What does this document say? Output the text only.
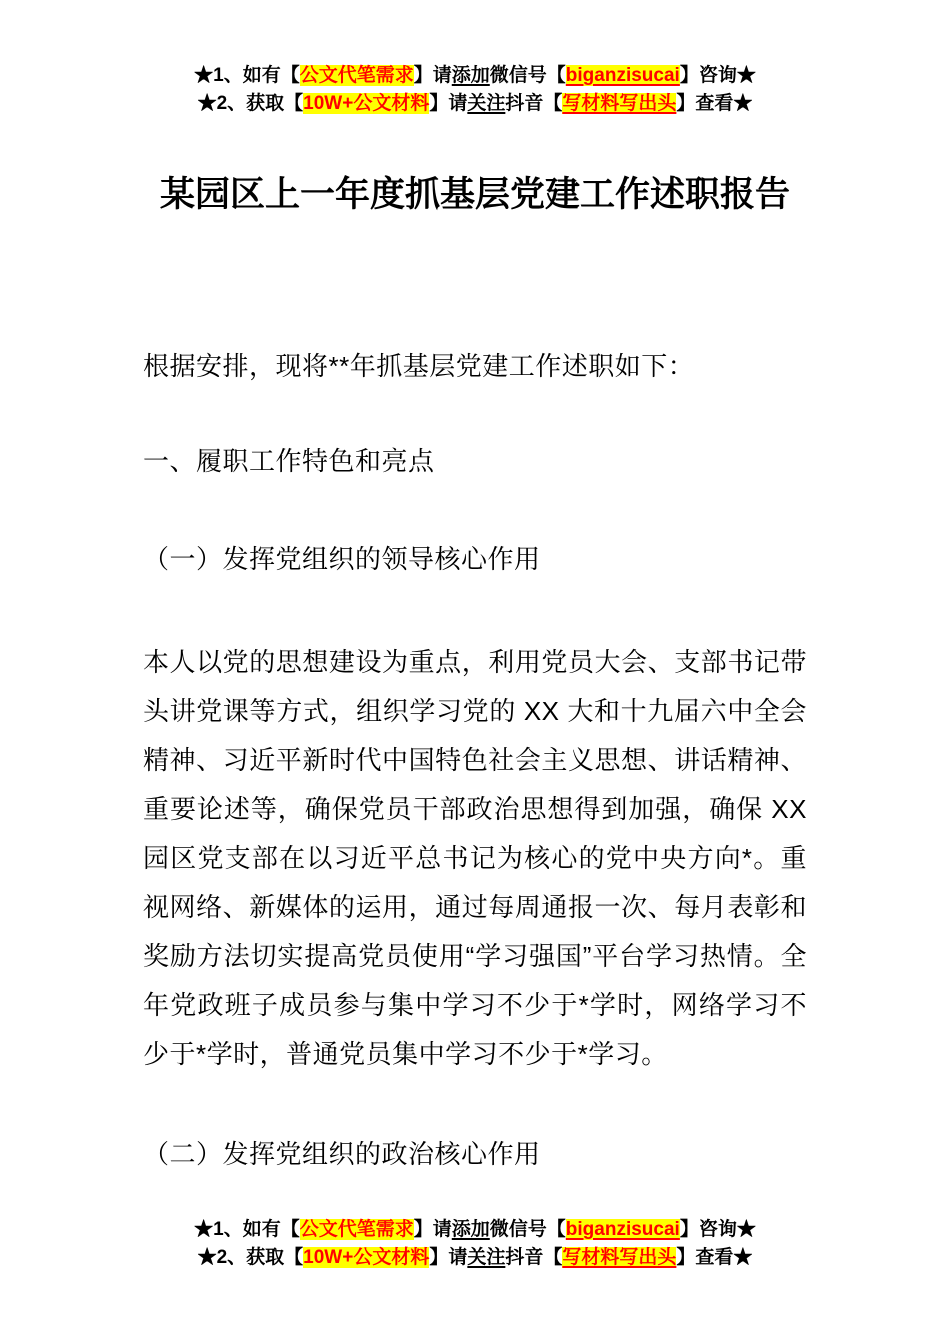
★1、如有【公文代笔需求】请添加微信号【biganzisucai】咨询★
★2、获取【10W+公文材料】请关注抖音【写材料写出头】查看★
某园区上一年度抓基层党建工作述职报告
根据安排，现将**年抓基层党建工作述职如下：
一、履职工作特色和亮点
（一）发挥党组织的领导核心作用
本人以党的思想建设为重点，利用党员大会、支部书记带头讲党课等方式，组织学习党的 XX 大和十九届六中全会精神、习近平新时代中国特色社会主义思想、讲话精神、重要论述等，确保党员干部政治思想得到加强，确保 XX 园区党支部在以习近平总书记为核心的党中央方向*。重视网络、新媒体的运用，通过每周通报一次、每月表彰和奖励方法切实提高党员使用“学习强国”平台学习热情。全年党政班子成员参与集中学习不少于*学时，网络学习不少于*学时，普通党员集中学习不少于*学习。
（二）发挥党组织的政治核心作用
★1、如有【公文代笔需求】请添加微信号【biganzisucai】咨询★
★2、获取【10W+公文材料】请关注抖音【写材料写出头】查看★
